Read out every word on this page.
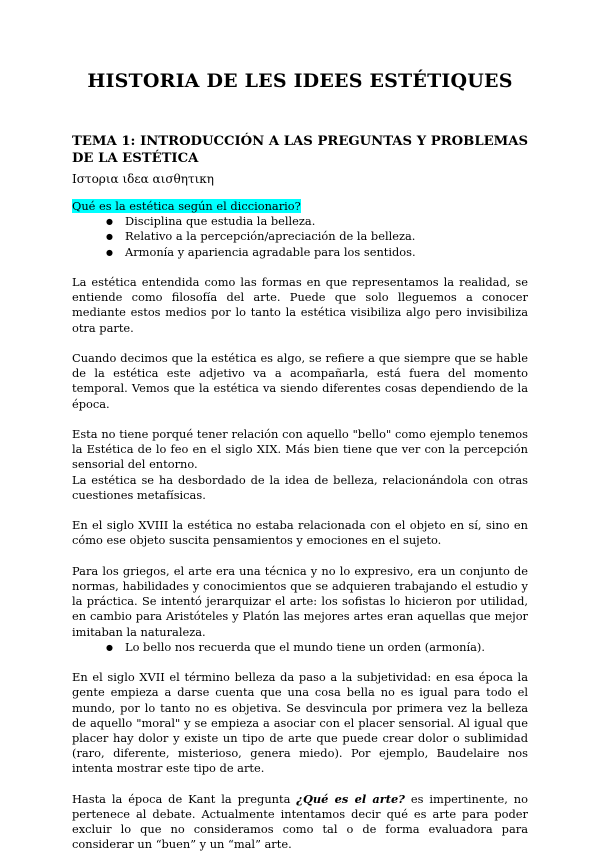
HISTORIA DE LES IDEES ESTÉTIQUES
TEMA 1: INTRODUCCIÓN A LAS PREGUNTAS Y PROBLEMAS DE LA ESTÉTICA
Ιστορια ιδεα αισθητικη

Qué es la estética según el diccionario?

● Disciplina que estudia la belleza.
● Relativo a la percepción/apreciación de la belleza.
● Armonía y apariencia agradable para los sentidos.

La estética entendida como las formas en que representamos la realidad, se entiende como filosofía del arte. Puede que solo lleguemos a conocer mediante estos medios por lo tanto la estética visibiliza algo pero invisibiliza otra parte.

Cuando decimos que la estética es algo, se refiere a que siempre que se hable de la estética este adjetivo va a acompañarla, está fuera del momento temporal. Vemos que la estética va siendo diferentes cosas dependiendo de la época.

Esta no tiene porqué tener relación con aquello "bello" como ejemplo tenemos la Estética de lo feo en el siglo XIX. Más bien tiene que ver con la percepción sensorial del entorno.

La estética se ha desbordado de la idea de belleza, relacionándola con otras cuestiones metafísicas.

En el siglo XVIII la estética no estaba relacionada con el objeto en sí, sino en cómo ese objeto suscita pensamientos y emociones en el sujeto.

Para los griegos, el arte era una técnica y no lo expresivo, era un conjunto de normas, habilidades y conocimientos que se adquieren trabajando el estudio y la práctica. Se intentó jerarquizar el arte: los sofistas lo hicieron por utilidad, en cambio para Aristóteles y Platón las mejores artes eran aquellas que mejor imitaban la naturaleza.

● Lo bello nos recuerda que el mundo tiene un orden (armonía).

En el siglo XVII el término belleza da paso a la subjetividad: en esa época la gente empieza a darse cuenta que una cosa bella no es igual para todo el mundo, por lo tanto no es objetiva. Se desvincula por primera vez la belleza de aquello "moral" y se empieza a asociar con el placer sensorial. Al igual que placer hay dolor y existe un tipo de arte que puede crear dolor o sublimidad (raro, diferente, misterioso, genera miedo). Por ejemplo, Baudelaire nos intenta mostrar este tipo de arte.

Hasta la época de Kant la pregunta ¿Qué es el arte? es impertinente, no pertenece al debate. Actualmente intentamos decir qué es arte para poder excluir lo que no consideramos como tal o de forma evaluadora para considerar un “buen” y un “mal” arte.
